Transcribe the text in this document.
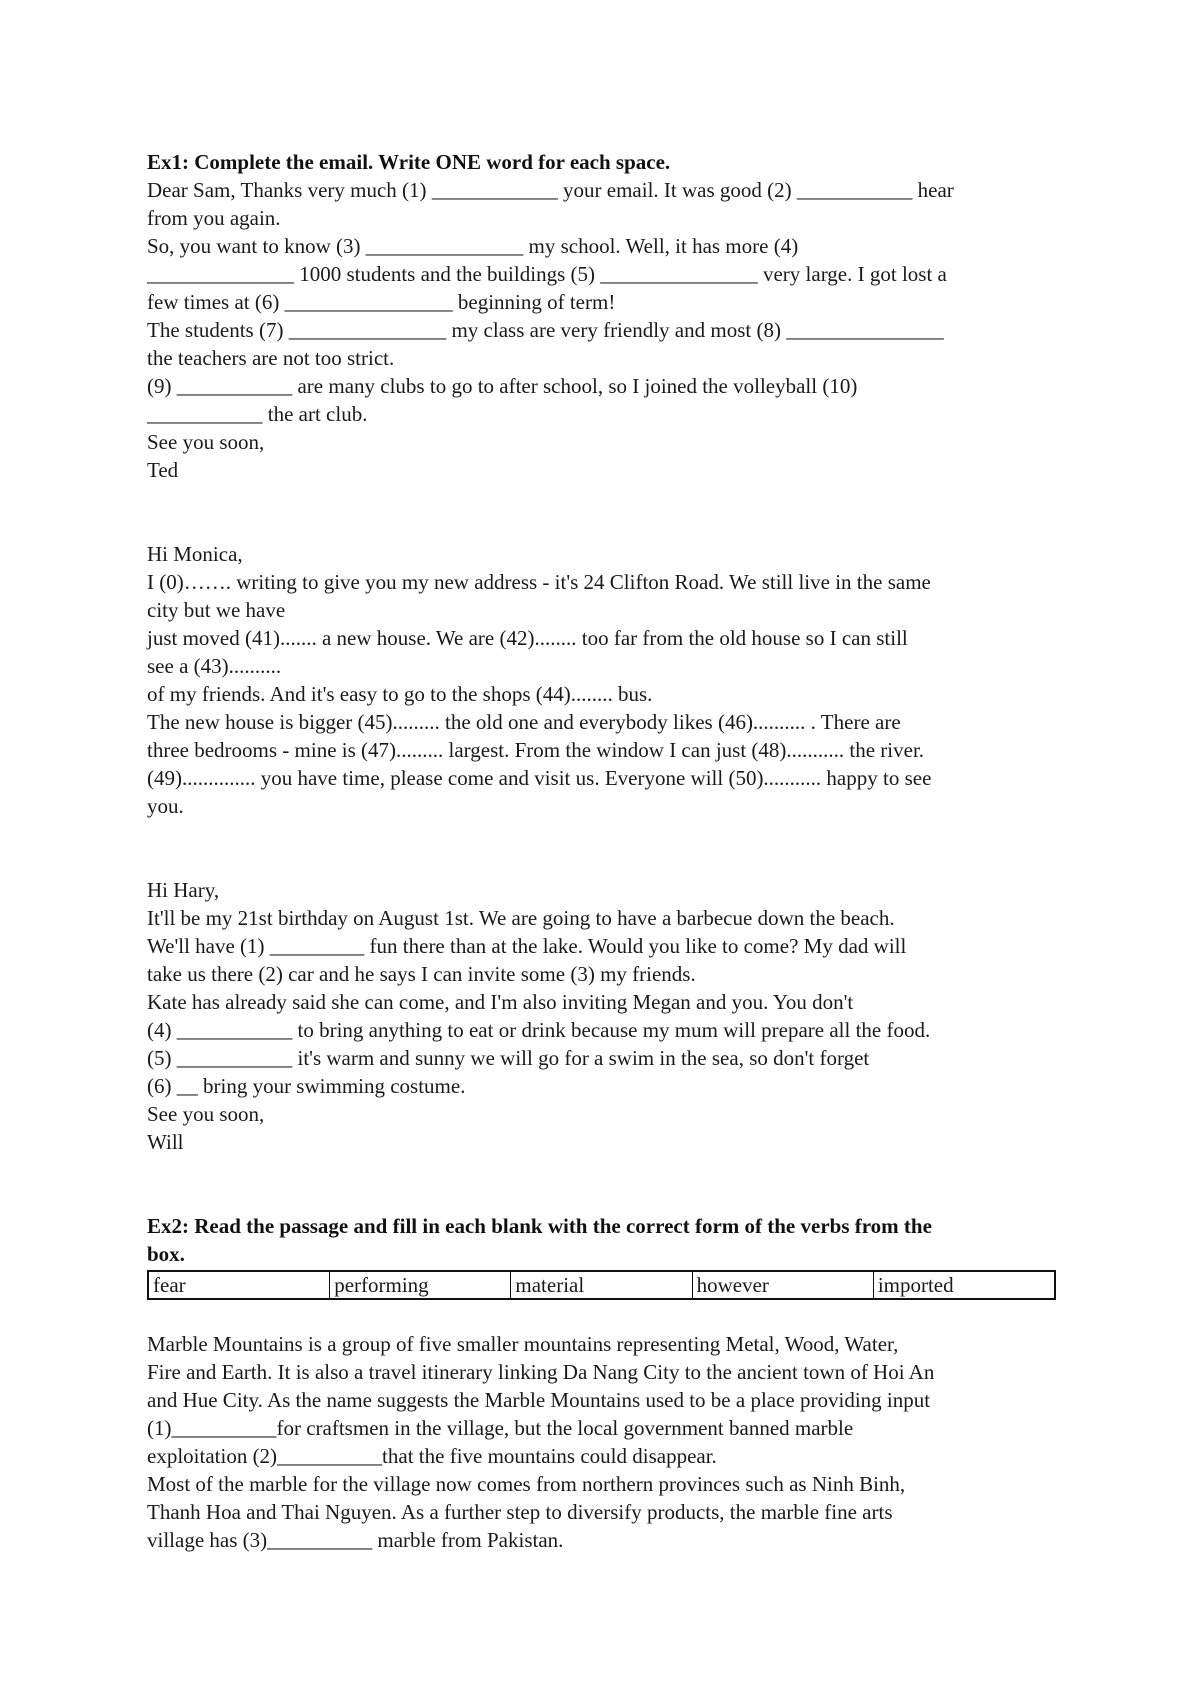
Ex1: Complete the email. Write ONE word for each space.
Dear Sam, Thanks very much (1) ____________ your email. It was good (2) ___________ hear
from you again.
So, you want to know (3) _______________ my school. Well, it has more (4)
______________ 1000 students and the buildings (5) _______________ very large. I got lost a
few times at (6) ________________ beginning of term!
The students (7) _______________ my class are very friendly and most (8) _______________
the teachers are not too strict.
(9) ___________ are many clubs to go to after school, so I joined the volleyball (10)
___________ the art club.
See you soon,
Ted
Hi Monica,
I (0)……. writing to give you my new address - it's 24 Clifton Road. We still live in the same
city but we have
just moved (41)....... a new house. We are (42)........ too far from the old house so I can still
see a (43)..........
of my friends. And it's easy to go to the shops (44)........ bus.
The new house is bigger (45)......... the old one and everybody likes (46).......... . There are
three bedrooms - mine is (47)......... largest. From the window I can just (48)........... the river.
(49).............. you have time, please come and visit us. Everyone will (50)........... happy to see
you.
Hi Hary,
It'll be my 21st birthday on August 1st. We are going to have a barbecue down the beach.
We'll have (1) _________ fun there than at the lake. Would you like to come? My dad will
take us there (2) car and he says I can invite some (3) my friends.
Kate has already said she can come, and I'm also inviting Megan and you. You don't
(4) ___________ to bring anything to eat or drink because my mum will prepare all the food.
(5) ___________ it's warm and sunny we will go for a swim in the sea, so don't forget
(6) __ bring your swimming costume.
See you soon,
Will
Ex2: Read the passage and fill in each blank with the correct form of the verbs from the
box.
fear	performing	material	however	imported
Marble Mountains is a group of five smaller mountains representing Metal, Wood, Water,
Fire and Earth. It is also a travel itinerary linking Da Nang City to the ancient town of Hoi An
and Hue City. As the name suggests the Marble Mountains used to be a place providing input
(1)__________for craftsmen in the village, but the local government banned marble
exploitation (2)__________that the five mountains could disappear.
Most of the marble for the village now comes from northern provinces such as Ninh Binh,
Thanh Hoa and Thai Nguyen. As a further step to diversify products, the marble fine arts
village has (3)__________ marble from Pakistan.
